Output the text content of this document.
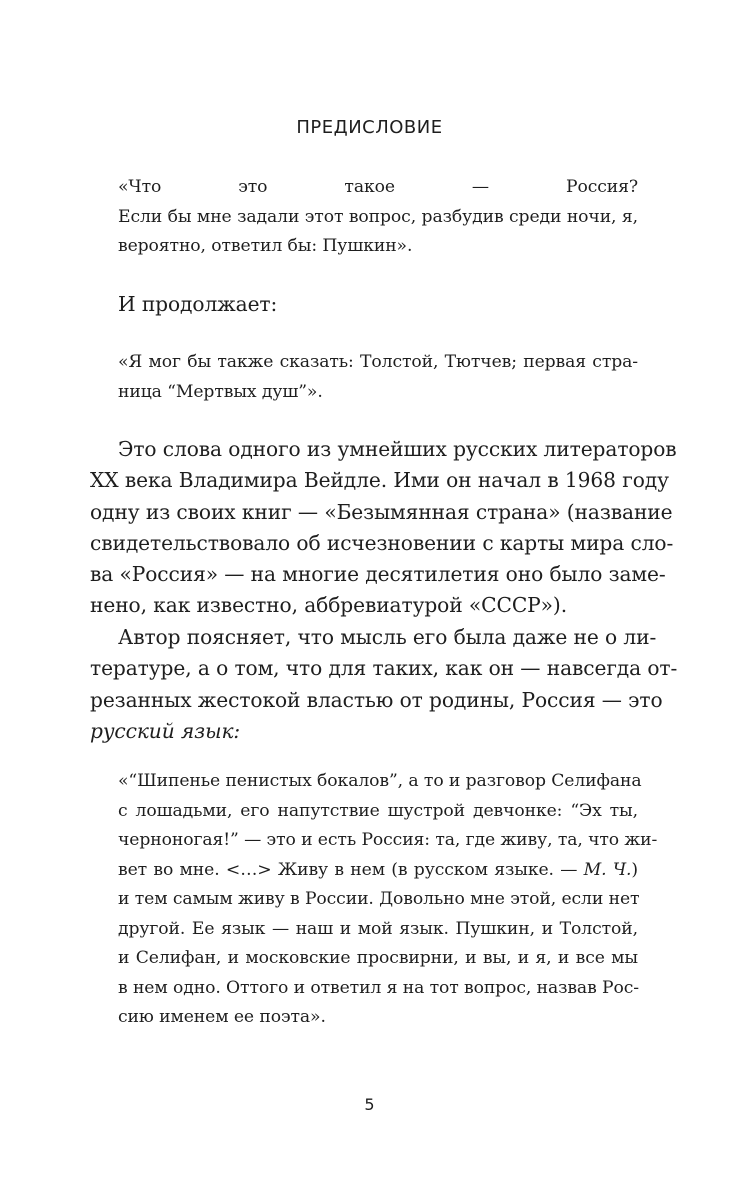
ПРЕДИСЛОВИЕ
«Что это такое — Россия?
Если бы мне задали этот вопрос, разбудив среди ночи, я,
вероятно, ответил бы: Пушкин».
И продолжает:
«Я мог бы также сказать: Толстой, Тютчев; первая стра-
ница “Мертвых душ”».
Это слова одного из умнейших русских литераторов
XX века Владимира Вейдле. Ими он начал в 1968 году
одну из своих книг — «Безымянная страна» (название
свидетельствовало об исчезновении с карты мира сло-
ва «Россия» — на многие десятилетия оно было заме-
нено, как известно, аббревиатурой «СССР»).
Автор поясняет, что мысль его была даже не о ли-
тературе, а о том, что для таких, как он — навсегда от-
резанных жестокой властью от родины, Россия — это
русский язык:
«“Шипенье пенистых бокалов”, а то и разговор Селифана
с лошадьми, его напутствие шустрой девчонке: “Эх ты,
черноногая!” — это и есть Россия: та, где живу, та, что жи-
вет во мне. <…> Живу в нем (в русском языке. — М. Ч.)
и тем самым живу в России. Довольно мне этой, если нет
другой. Ее язык — наш и мой язык. Пушкин, и Толстой,
и Селифан, и московские просвирни, и вы, и я, и все мы
в нем одно. Оттого и ответил я на тот вопрос, назвав Рос-
сию именем ее поэта».
5
